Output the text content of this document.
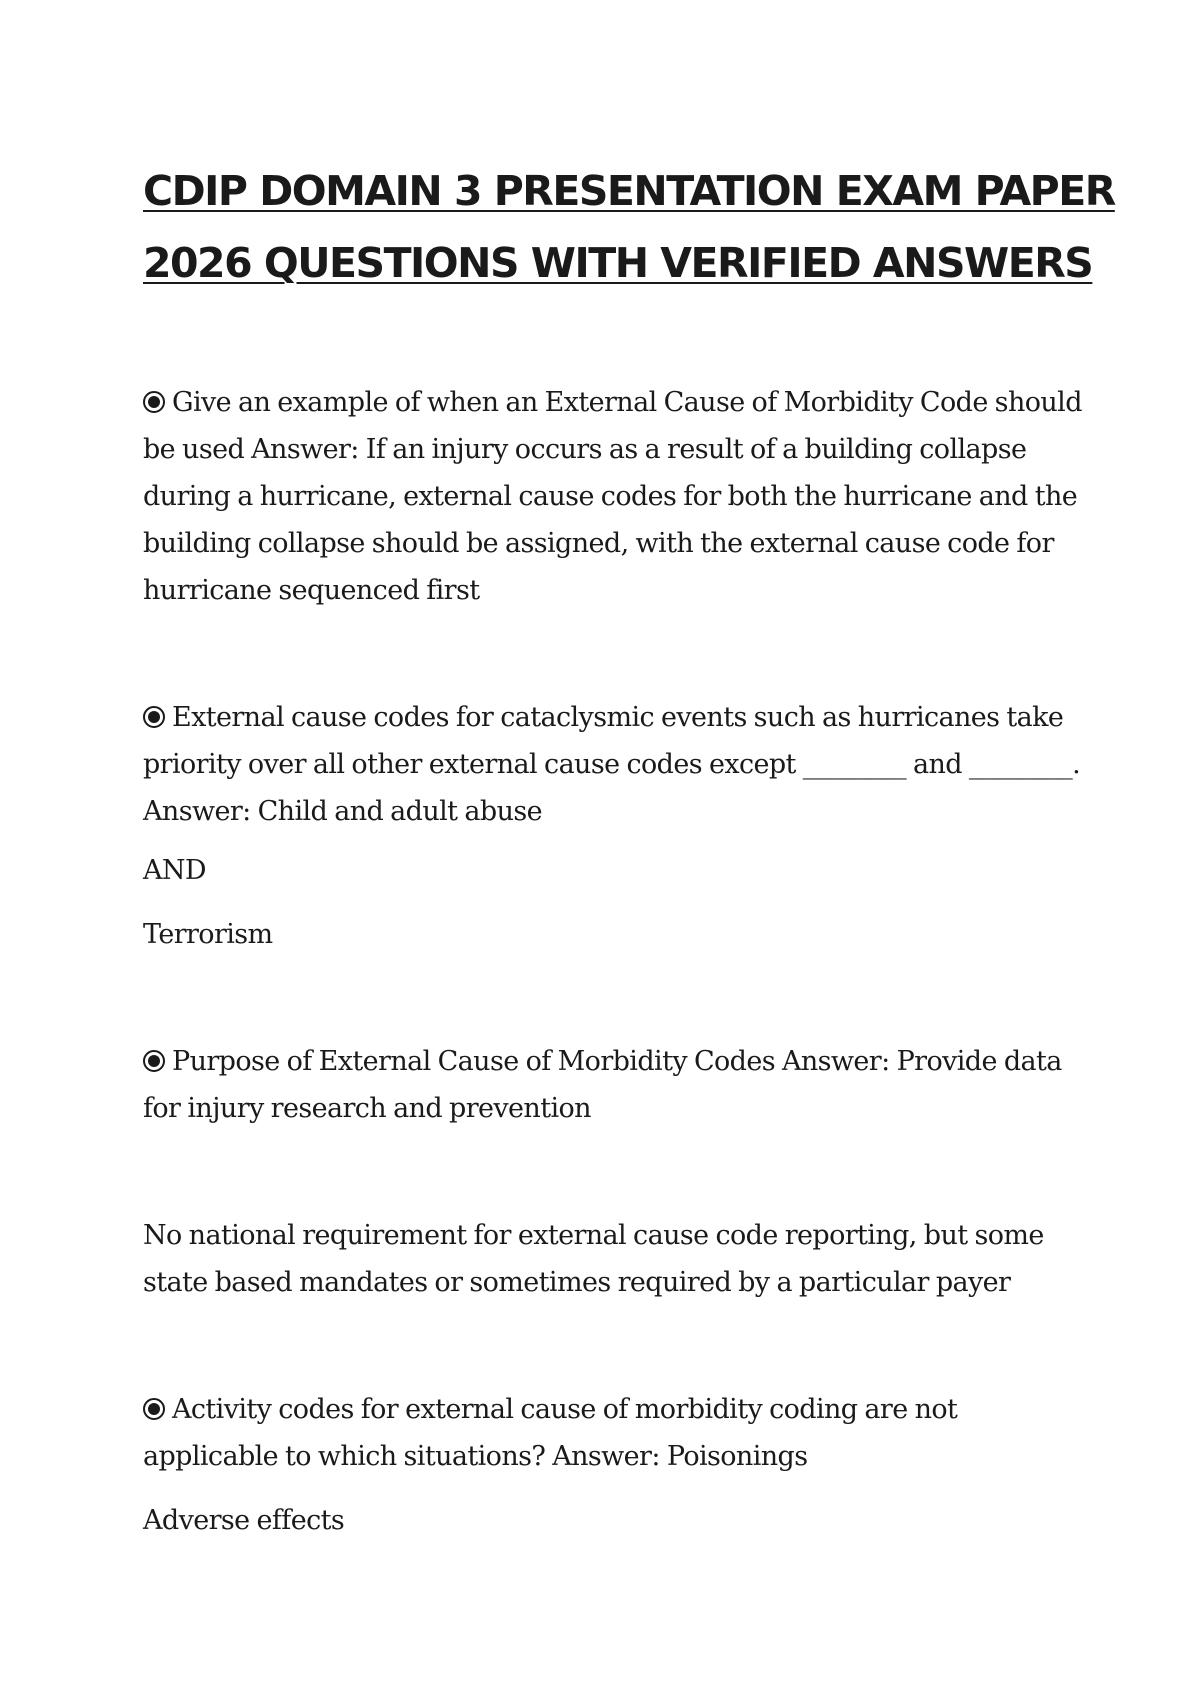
CDIP DOMAIN 3 PRESENTATION EXAM PAPER
2026 QUESTIONS WITH VERIFIED ANSWERS

Give an example of when an External Cause of Morbidity Code should be used Answer: If an injury occurs as a result of a building collapse during a hurricane, external cause codes for both the hurricane and the building collapse should be assigned, with the external cause code for hurricane sequenced first

External cause codes for cataclysmic events such as hurricanes take priority over all other external cause codes except ________ and ________. Answer: Child and adult abuse

AND

Terrorism

Purpose of External Cause of Morbidity Codes Answer: Provide data for injury research and prevention

No national requirement for external cause code reporting, but some state based mandates or sometimes required by a particular payer

Activity codes for external cause of morbidity coding are not applicable to which situations? Answer: Poisonings

Adverse effects
